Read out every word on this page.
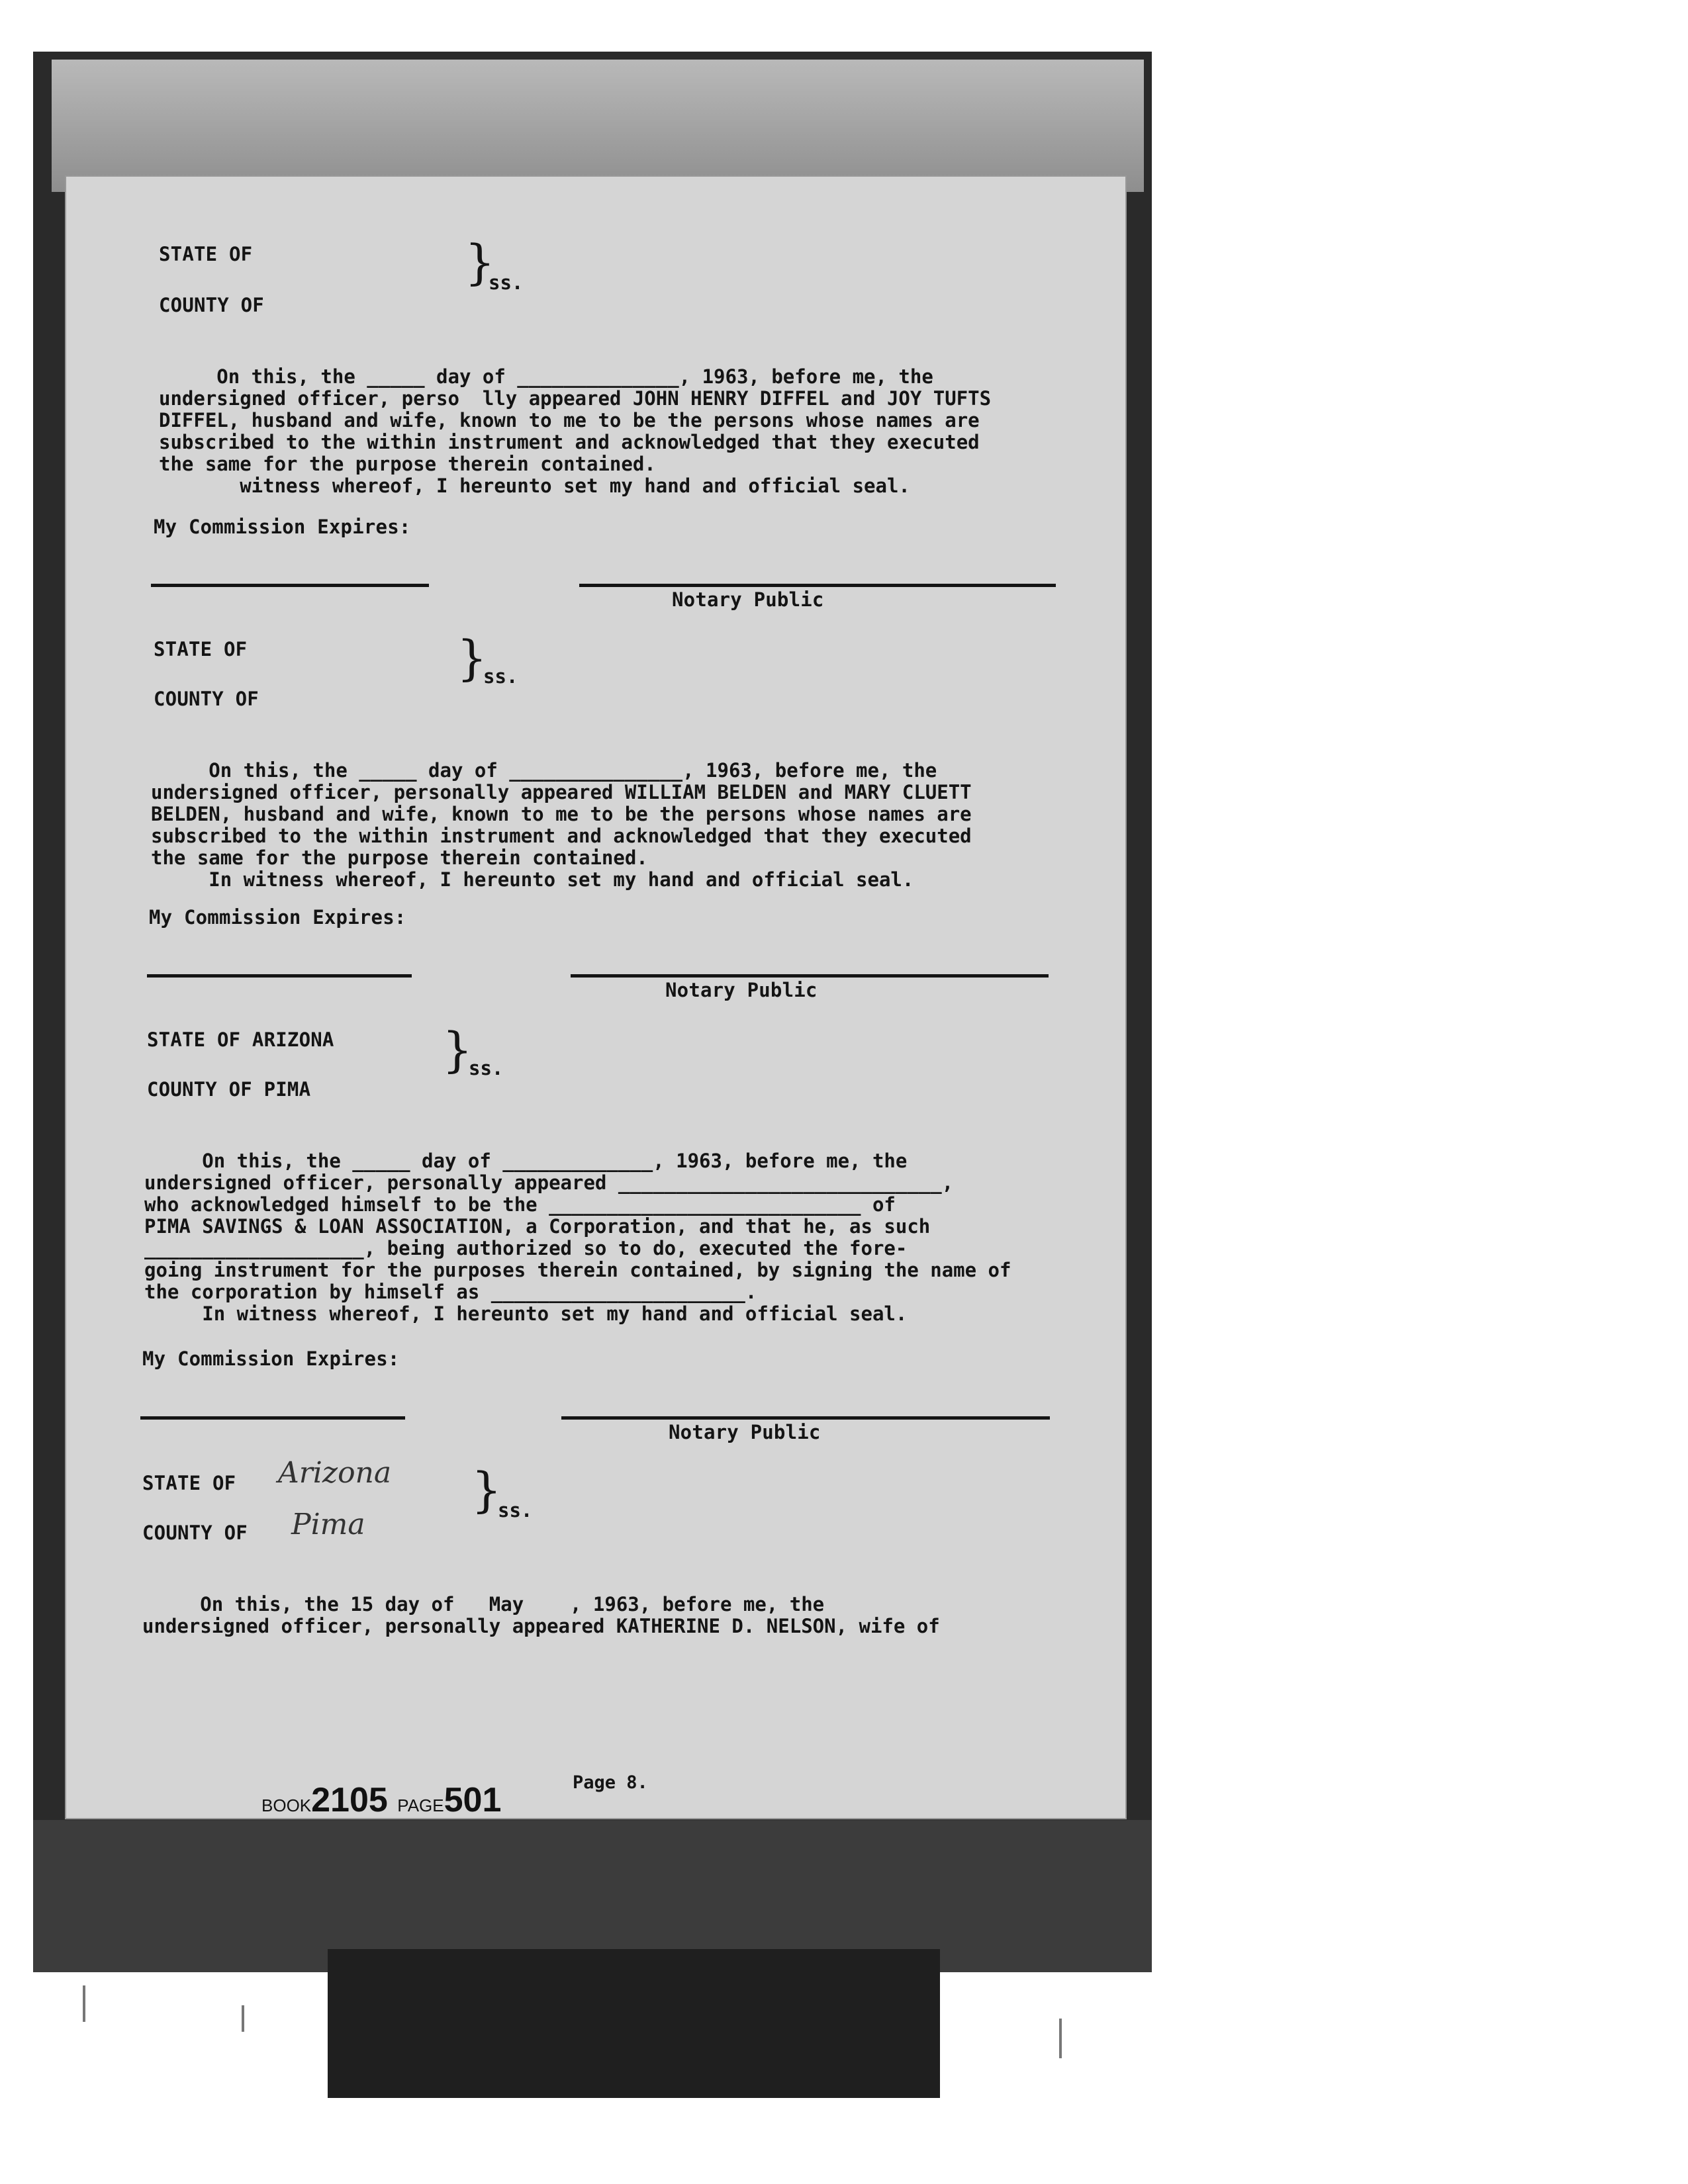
STATE OF
COUNTY OF
}
ss.

On this, the _____ day of ______________, 1963, before me, the
undersigned officer, perso  lly appeared JOHN HENRY DIFFEL and JOY TUFTS
DIFFEL, husband and wife, known to me to be the persons whose names are
subscribed to the within instrument and acknowledged that they executed
the same for the purpose therein contained.
witness whereof, I hereunto set my hand and official seal.

My Commission Expires:
Notary Public
STATE OF
COUNTY OF
}
ss.

On this, the _____ day of _______________, 1963, before me, the
undersigned officer, personally appeared WILLIAM BELDEN and MARY CLUETT
BELDEN, husband and wife, known to me to be the persons whose names are
subscribed to the within instrument and acknowledged that they executed
the same for the purpose therein contained.
In witness whereof, I hereunto set my hand and official seal.

My Commission Expires:
Notary Public
STATE OF ARIZONA
COUNTY OF PIMA
}
ss.

On this, the _____ day of _____________, 1963, before me, the
undersigned officer, personally appeared ____________________________,
who acknowledged himself to be the ___________________________ of
PIMA SAVINGS & LOAN ASSOCIATION, a Corporation, and that he, as such
___________________, being authorized so to do, executed the fore-
going instrument for the purposes therein contained, by signing the name of
the corporation by himself as ______________________.
In witness whereof, I hereunto set my hand and official seal.

My Commission Expires:
Notary Public
STATE OF Arizona
COUNTY OF Pima
}
ss.

On this, the 15 day of   May    , 1963, before me, the
undersigned officer, personally appeared KATHERINE D. NELSON, wife of

BOOK2105 PAGE501	Page 8.
